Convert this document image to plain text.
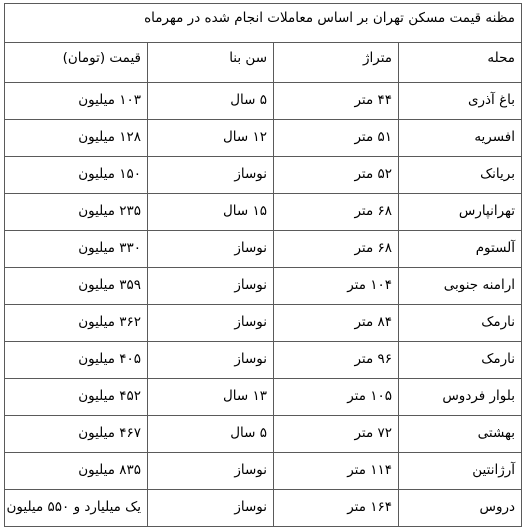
مظنه قیمت مسکن تهران بر اساس معاملات انجام شده در مهرماه			
محله	متراژ	سن بنا	قیمت (تومان)
باغ آذری	۴۴ متر	۵ سال	۱۰۳ میلیون
افسریه	۵۱ متر	۱۲ سال	۱۲۸ میلیون
بریانک	۵۲ متر	نوساز	۱۵۰ میلیون
تهرانپارس	۶۸ متر	۱۵ سال	۲۳۵ میلیون
آلستوم	۶۸ متر	نوساز	۳۳۰ میلیون
ارامنه جنوبی	۱۰۴ متر	نوساز	۳۵۹ میلیون
نارمک	۸۴ متر	نوساز	۳۶۲ میلیون
نارمک	۹۶ متر	نوساز	۴۰۵ میلیون
بلوار فردوس	۱۰۵ متر	۱۳ سال	۴۵۲ میلیون
بهشتی	۷۲ متر	۵ سال	۴۶۷ میلیون
آرژانتین	۱۱۴ متر	نوساز	۸۳۵ میلیون
دروس	۱۶۴ متر	نوساز	یک میلیارد و ۵۵۰ میلیون
